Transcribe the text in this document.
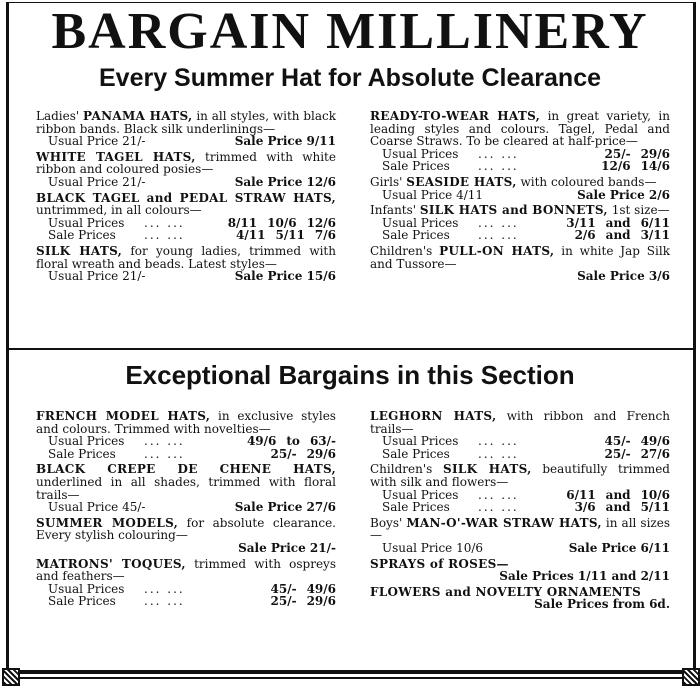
BARGAIN MILLINERY
Every Summer Hat for Absolute Clearance
Ladies' PANAMA HATS, in all styles, with black ribbon bands. Black silk underlinings—
Usual Price 21/-	Sale Price 9/11
WHITE TAGEL HATS, trimmed with white ribbon and coloured posies—
Usual Price 21/-	Sale Price 12/6
BLACK TAGEL and PEDAL STRAW HATS, untrimmed, in all colours—
Usual Prices	... ...	8/11 10/6 12/6
Sale Prices	... ...	4/11 5/11 7/6
SILK HATS, for young ladies, trimmed with floral wreath and beads. Latest styles—
Usual Price 21/-	Sale Price 15/6
READY-TO-WEAR HATS, in great variety, in leading styles and colours. Tagel, Pedal and Coarse Straws. To be cleared at half-price—
Usual Prices	... ...	25/- 29/6
Sale Prices	... ...	12/6 14/6
Girls' SEASIDE HATS, with coloured bands—
Usual Price 4/11	Sale Price 2/6
Infants' SILK HATS and BONNETS, 1st size—
Usual Prices	... ...	3/11 and 6/11
Sale Prices	... ...	2/6 and 3/11
Children's PULL-ON HATS, in white Jap Silk and Tussore—
Sale Price 3/6
Exceptional Bargains in this Section
FRENCH MODEL HATS, in exclusive styles and colours. Trimmed with novelties—
Usual Prices	... ...	49/6 to 63/-
Sale Prices	... ...	25/- 29/6
BLACK CREPE DE CHENE HATS, underlined in all shades, trimmed with floral trails—
Usual Price 45/-	Sale Price 27/6
SUMMER MODELS, for absolute clearance. Every stylish colouring—
Sale Price 21/-
MATRONS' TOQUES, trimmed with ospreys and feathers—
Usual Prices	... ...	45/- 49/6
Sale Prices	... ...	25/- 29/6
LEGHORN HATS, with ribbon and French trails—
Usual Prices	... ...	45/- 49/6
Sale Prices	... ...	25/- 27/6
Children's SILK HATS, beautifully trimmed with silk and flowers—
Usual Prices	... ...	6/11 and 10/6
Sale Prices	... ...	3/6 and 5/11
Boys' MAN-O'-WAR STRAW HATS, in all sizes—
Usual Price 10/6	Sale Price 6/11
SPRAYS of ROSES—
Sale Prices 1/11 and 2/11
FLOWERS and NOVELTY ORNAMENTS
Sale Prices from 6d.
